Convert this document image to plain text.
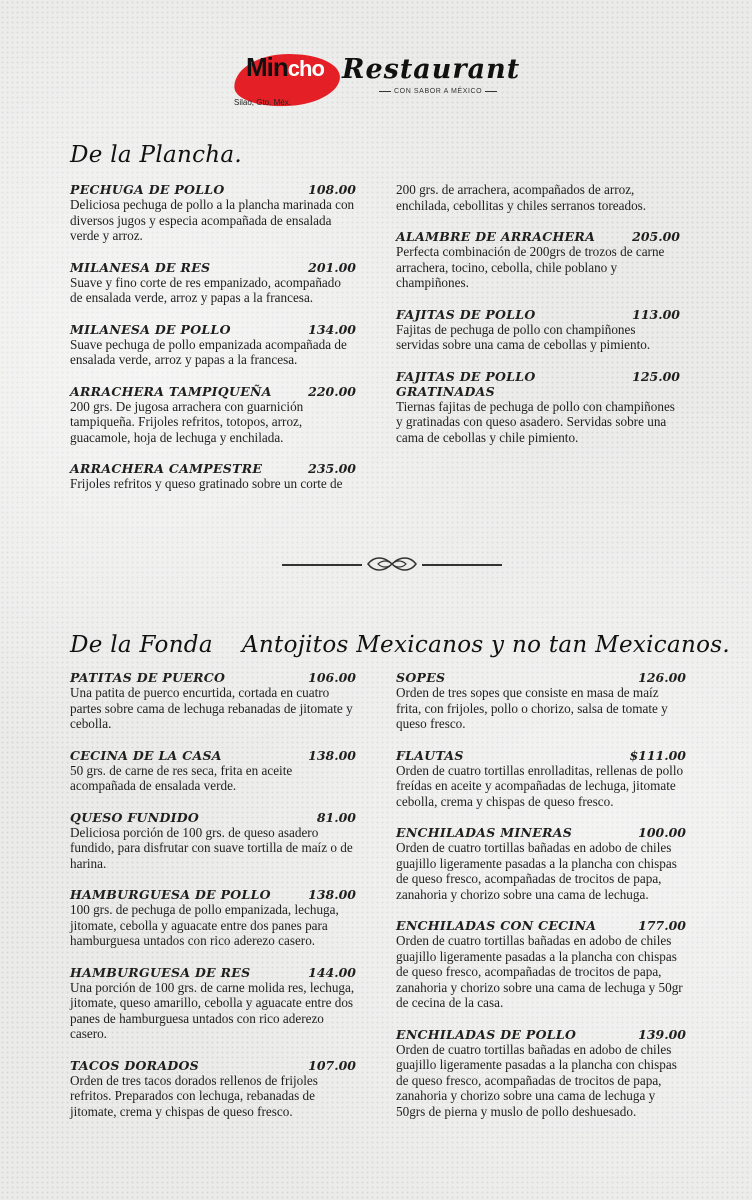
Mincho
Silao, Gto. Méx.
Restaurant
CON SABOR A MÉXICO
De la Plancha.
PECHUGA DE POLLO	108.00
Deliciosa pechuga de pollo a la plancha marinada con diversos jugos y especia acompañada de ensalada verde y arroz.
MILANESA DE RES	201.00
Suave y fino corte de res empanizado, acompañado de ensalada verde, arroz y papas a la francesa.
MILANESA DE POLLO	134.00
Suave pechuga de pollo empanizada acompañada de ensalada verde, arroz y papas a la francesa.
ARRACHERA TAMPIQUEÑA	220.00
200 grs. De jugosa arrachera con guarnición tampiqueña. Frijoles refritos, totopos, arroz, guacamole, hoja de lechuga y enchilada.
ARRACHERA CAMPESTRE	235.00
Frijoles refritos y queso gratinado sobre un corte de
200 grs. de arrachera, acompañados de arroz, enchilada, cebollitas y chiles serranos toreados.
ALAMBRE DE ARRACHERA	205.00
Perfecta combinación de 200grs de trozos de carne arrachera, tocino, cebolla, chile poblano y champiñones.
FAJITAS DE POLLO	113.00
Fajitas de pechuga de pollo con champiñones servidas sobre una cama de cebollas y pimiento.
FAJITAS DE POLLO GRATINADAS
125.00
Tiernas fajitas de pechuga de pollo con champiñones y gratinadas con queso asadero. Servidas sobre una cama de cebollas y chile pimiento.
De la Fonda Antojitos Mexicanos y no tan Mexicanos.
PATITAS DE PUERCO	106.00
Una patita de puerco encurtida, cortada en cuatro partes sobre cama de lechuga rebanadas de jitomate y cebolla.
CECINA DE LA CASA	138.00
50 grs. de carne de res seca, frita en aceite acompañada de ensalada verde.
QUESO FUNDIDO	81.00
Deliciosa porción de 100 grs. de queso asadero fundido, para disfrutar con suave tortilla de maíz o de harina.
HAMBURGUESA DE POLLO	138.00
100 grs. de pechuga de pollo empanizada, lechuga, jitomate, cebolla y aguacate entre dos panes para hamburguesa untados con rico aderezo casero.
HAMBURGUESA DE RES	144.00
Una porción de 100 grs. de carne molida res, lechuga, jitomate, queso amarillo, cebolla y aguacate entre dos panes de hamburguesa untados con rico aderezo casero.
TACOS DORADOS	107.00
Orden de tres tacos dorados rellenos de frijoles refritos. Preparados con lechuga, rebanadas de jitomate, crema y chispas de queso fresco.
SOPES	126.00
Orden de tres sopes que consiste en masa de maíz frita, con frijoles, pollo o chorizo, salsa de tomate y queso fresco.
FLAUTAS	$111.00
Orden de cuatro tortillas enrolladitas, rellenas de pollo freídas en aceite y acompañadas de lechuga, jitomate cebolla, crema y chispas de queso fresco.
ENCHILADAS MINERAS	100.00
Orden de cuatro tortillas bañadas en adobo de chiles guajillo ligeramente pasadas a la plancha con chispas de queso fresco, acompañadas de trocitos de papa, zanahoria y chorizo sobre una cama de lechuga.
ENCHILADAS CON CECINA	177.00
Orden de cuatro tortillas bañadas en adobo de chiles guajillo ligeramente pasadas a la plancha con chispas de queso fresco, acompañadas de trocitos de papa, zanahoria y chorizo sobre una cama de lechuga y 50gr de cecina de la casa.
ENCHILADAS DE POLLO	139.00
Orden de cuatro tortillas bañadas en adobo de chiles guajillo ligeramente pasadas a la plancha con chispas de queso fresco, acompañadas de trocitos de papa, zanahoria y chorizo sobre una cama de lechuga y 50grs de pierna y muslo de pollo deshuesado.
